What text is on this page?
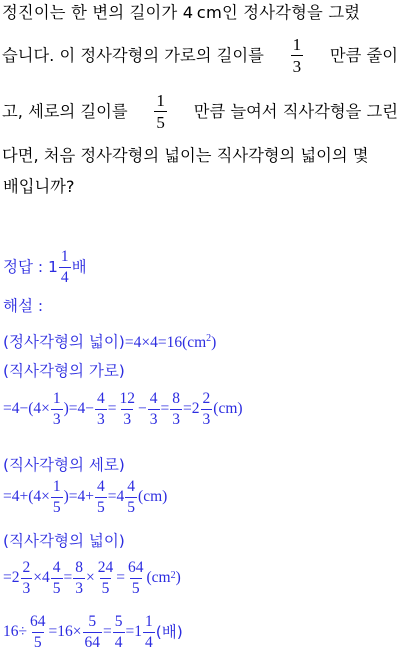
정진이는 한 변의 길이가 4 cm인 정사각형을 그렸
습니다. 이 정사각형의 가로의 길이를 $\frac{1}{3}$ 만큼 줄이
고, 세로의 길이를 $\frac{1}{5}$ 만큼 늘여서 직사각형을 그린
다면, 처음 정사각형의 넓이는 직사각형의 넓이의 몇
배입니까?
정답 : $1 \frac{1}{4}$ 배
해설 :
(정사각형의 넓이)$=4\times 4=16(cm^2)$
(직사각형의 가로)
$=4-(4\times \frac{1}{3} )=4- \frac{4}{3} = \frac{12}{3} - \frac{4}{3} = \frac{8}{3} =2 \frac{2}{3} (cm)$
(직사각형의 세로)
$=4+(4\times \frac{1}{5} )=4+ \frac{4}{5} =4 \frac{4}{5} (cm)$
(직사각형의 넓이)
$=2 \frac{2}{3} \times 4 \frac{4}{5} = \frac{8}{3} \times \frac{24}{5} = \frac{64}{5} (cm$ 2 )
$16\div \frac{64}{5} =16\times \frac{5}{64} = \frac{5}{4} =1 \frac{1}{4}$ (배)
